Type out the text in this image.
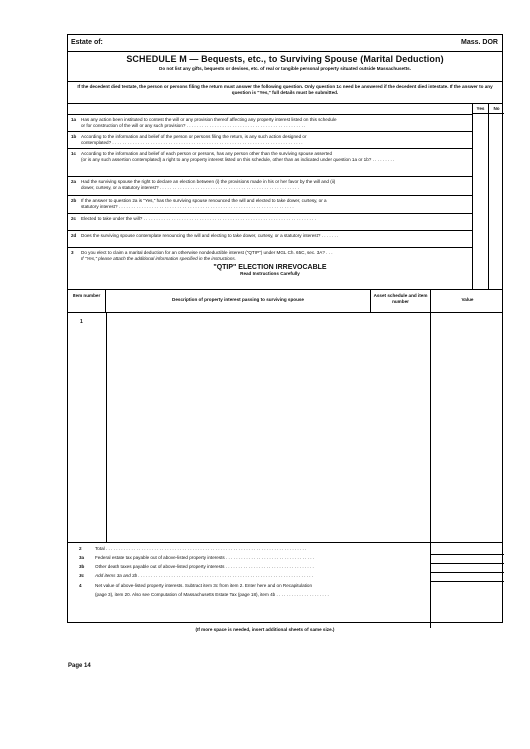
Estate of:	Mass. DOR
SCHEDULE M — Bequests, etc., to Surviving Spouse (Marital Deduction)
Do not list any gifts, bequests or devises, etc. of real or tangible personal property situated outside Massachusetts.
If the decedent died testate, the person or persons filing the return must answer the following question. Only question 1c need be answered if the decedent died intestate. If the answer to any question is "Yes," full details must be submitted.
Yes	No
1a Has any action been instituted to contest the will or any provision thereof affecting any property interest listed on this schedule
or for construction of the will or any such provision? . . . . . . . . . . . . . . . . . . . . . . . . . . . . . . . . . . . . . . . . . . . . . . .
1b According to the information and belief of the person or persons filing the return, is any such action designed or
contemplated? . . . . . . . . . . . . . . . . . . . . . . . . . . . . . . . . . . . . . . . . . . . . . . . . . . . . . . . . . . . . . . . . . . . . . . . . . . .
1c According to the information and belief of each person or persons, has any person other than the surviving spouse asserted
(or is any such assertion contemplated) a right to any property interest listed on this schedule, other than as indicated under question 1a or 1b? . . . . . . . . .
2a Had the surviving spouse the right to declare an election between (i) the provisions made in his or her favor by the will and (ii)
dower, curtesy, or a statutory interest? . . . . . . . . . . . . . . . . . . . . . . . . . . . . . . . . . . . . . . . . . . . . . . . . . . . . . . .
2b If the answer to question 2a is "Yes," has the surviving spouse renounced the will and elected to take dower, curtesy, or a
statutory interest? . . . . . . . . . . . . . . . . . . . . . . . . . . . . . . . . . . . . . . . . . . . . . . . . . . . . . . . . . . . . . . . . . . . . .
2c Elected to take under the will? . . . . . . . . . . . . . . . . . . . . . . . . . . . . . . . . . . . . . . . . . . . . . . . . . . . . . . . . . . . . . . . . . . . .
2d Does the surviving spouse contemplate renouncing the will and electing to take dower, curtesy, or a statutory interest? . . . . . . .
3 Do you elect to claim a marital deduction for an otherwise nondeductible interest ("QTIP") under MGL Ch. 65C, sec. 3A? . . .
If "Yes," please attach the additional information specified in the instructions.
"QTIP" ELECTION IRREVOCABLE
Read Instructions Carefully
Item number
Description of property interest passing to surviving spouse
Asset schedule and item number	Value
1
2	Total . . . . . . . . . . . . . . . . . . . . . . . . . . . . . . . . . . . . . . . . . . . . . . . . . . . . . . . . . . . . . . . . . . . . . . . . . . . . . . .
3a Federal estate tax payable out of above-listed property interests . . . . . . . . . . . . . . . . . . . . . . . . . . . . . . . . . . .
3b Other death taxes payable out of above-listed property interests . . . . . . . . . . . . . . . . . . . . . . . . . . . . . . . . . . .
3c Add items 3a and 3b . . . . . . . . . . . . . . . . . . . . . . . . . . . . . . . . . . . . . . . . . . . . . . . . . . . . . . . . . . . . . . . . . . . . .
4	Net value of above-listed property interests. Subtract item 3c from item 2. Enter here and on Recapitulation
(page 3), item 20. Also see Computation of Massachusetts Estate Tax (page 18), item 4b . . . . . . . . . . . . . . . . . . . . .
(If more space is needed, insert additional sheets of same size.)
Page 14
